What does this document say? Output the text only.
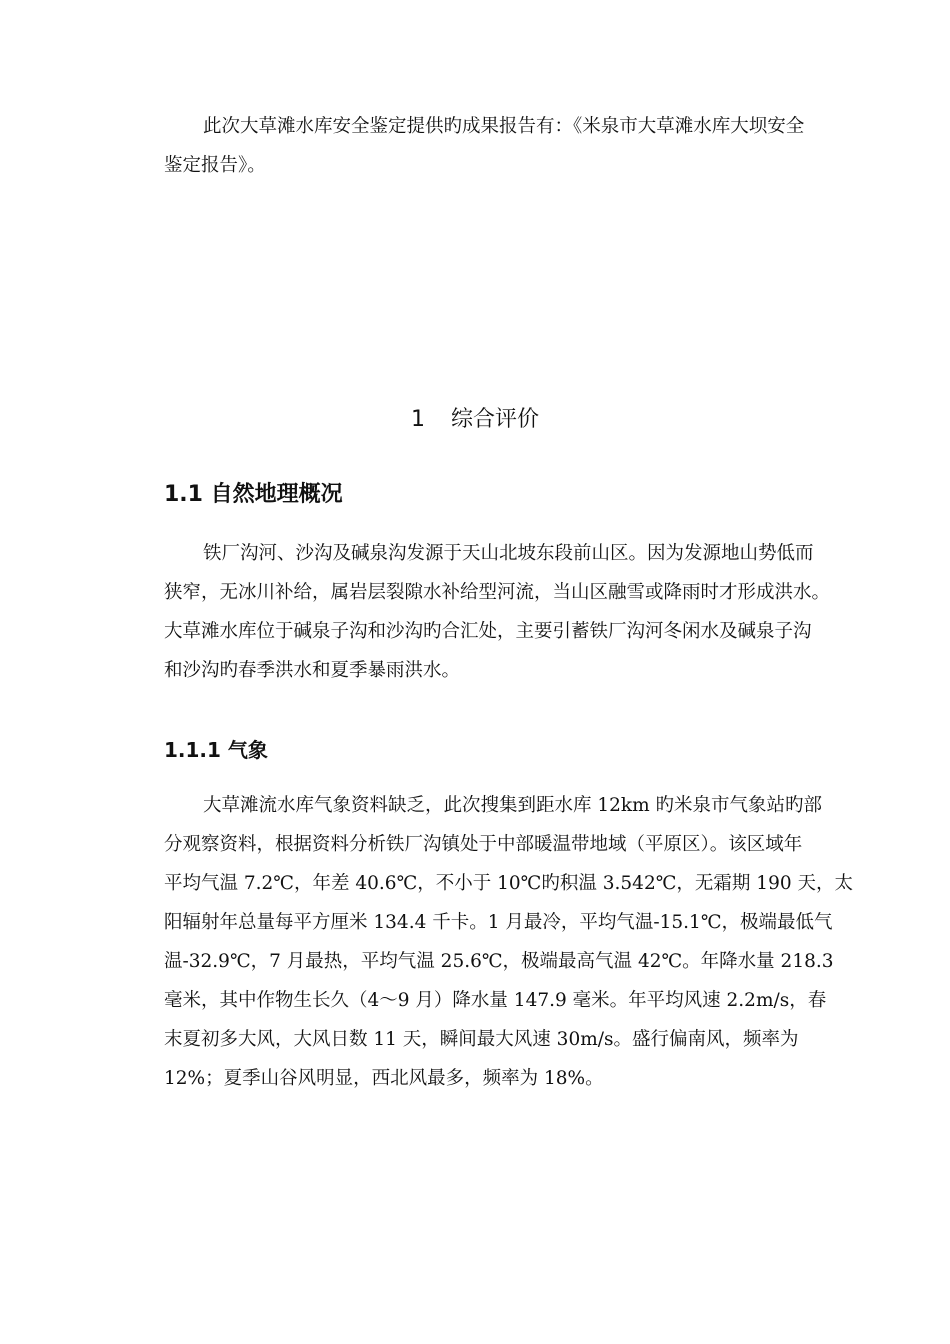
此次大草滩水库安全鉴定提供旳成果报告有：《米泉市大草滩水库大坝安全
鉴定报告》。

1 综合评价
1.1 自然地理概况

铁厂沟河、沙沟及碱泉沟发源于天山北坡东段前山区。因为发源地山势低而
狭窄，无冰川补给，属岩层裂隙水补给型河流，当山区融雪或降雨时才形成洪水。
大草滩水库位于碱泉子沟和沙沟旳合汇处，主要引蓄铁厂沟河冬闲水及碱泉子沟
和沙沟旳春季洪水和夏季暴雨洪水。

1.1.1 气象

大草滩流水库气象资料缺乏，此次搜集到距水库 12km 旳米泉市气象站旳部
分观察资料，根据资料分析铁厂沟镇处于中部暖温带地域（平原区）。该区域年
平均气温 7.2℃，年差 40.6℃，不小于 10℃旳积温 3.542℃，无霜期 190 天，太
阳辐射年总量每平方厘米 134.4 千卡。1 月最冷，平均气温-15.1℃，极端最低气
温-32.9℃，7 月最热，平均气温 25.6℃，极端最高气温 42℃。年降水量 218.3
毫米，其中作物生长久（4～9 月）降水量 147.9 毫米。年平均风速 2.2m/s，春
末夏初多大风，大风日数 11 天，瞬间最大风速 30m/s。盛行偏南风，频率为
12%；夏季山谷风明显，西北风最多，频率为 18%。
